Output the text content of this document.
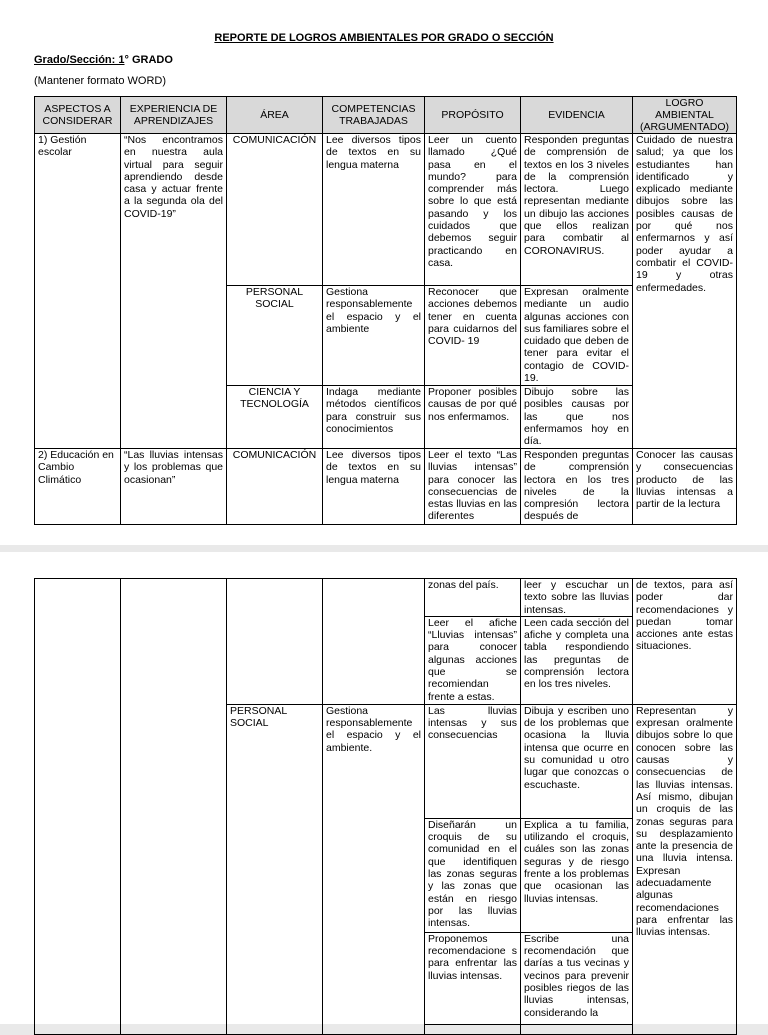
REPORTE DE LOGROS AMBIENTALES POR GRADO O SECCIÓN
Grado/Sección: 1° GRADO
(Mantener formato WORD)
ASPECTOS A CONSIDERAR	EXPERIENCIA DE APRENDIZAJES	ÁREA	COMPETENCIAS TRABAJADAS	PROPÓSITO	EVIDENCIA	LOGRO AMBIENTAL (ARGUMENTADO)
1) Gestión escolar	“Nos encontramos en nuestra aula virtual para seguir aprendiendo desde casa y actuar frente a la segunda ola del COVID-19”	COMUNICACIÓN	Lee diversos tipos de textos en su lengua materna	Leer un cuento llamado ¿Qué pasa en el mundo? para comprender más sobre lo que está pasando y los cuidados que debemos seguir practicando en casa.	Responden preguntas de comprensión de textos en los 3 niveles de la comprensión lectora. Luego representan mediante un dibujo las acciones que ellos realizan para combatir al CORONAVIRUS.	Cuidado de nuestra salud; ya que los estudiantes han identificado y explicado mediante dibujos sobre las posibles causas de por qué nos enfermarnos y así poder ayudar a combatir el COVID-19 y otras enfermedades.
		PERSONAL SOCIAL	Gestiona responsablemente el espacio y el ambiente	Reconocer que acciones debemos tener en cuenta para cuidarnos del COVID- 19	Expresan oralmente mediante un audio algunas acciones con sus familiares sobre el cuidado que deben de tener para evitar el contagio de COVID- 19.	
		CIENCIA Y TECNOLOGÍA	Indaga mediante métodos científicos para construir sus conocimientos	Proponer posibles causas de por qué nos enfermamos.	Dibujo sobre las posibles causas por las que nos enfermamos hoy en día.	
2) Educación en Cambio Climático	“Las lluvias intensas y los problemas que ocasionan”	COMUNICACIÓN	Lee diversos tipos de textos en su lengua materna	Leer el texto “Las lluvias intensas” para conocer las consecuencias de estas lluvias en las diferentes	Responden preguntas de comprensión lectora en los tres niveles de la compresión lectora después de	Conocer las causas y consecuencias producto de las lluvias intensas a partir de la lectura
				zonas del país.	leer y escuchar un texto sobre las lluvias intensas.	de textos, para así poder dar recomendaciones y puedan tomar acciones ante estas situaciones.
				Leer el afiche “Lluvias intensas” para conocer algunas acciones que se recomiendan frente a estas.	Leen cada sección del afiche y completa una tabla respondiendo las preguntas de comprensión lectora en los tres niveles.	
		PERSONAL SOCIAL	Gestiona responsablemente el espacio y el ambiente.	Las lluvias intensas y sus consecuencias	Dibuja y escriben uno de los problemas que ocasiona la lluvia intensa que ocurre en su comunidad u otro lugar que conozcas o escuchaste.	Representan y expresan oralmente dibujos sobre lo que conocen sobre las causas y consecuencias de las lluvias intensas. Así mismo, dibujan un croquis de las zonas seguras para su desplazamiento ante la presencia de una lluvia intensa. Expresan adecuadamente algunas recomendaciones para enfrentar las lluvias intensas.
				Diseñarán un croquis de su comunidad en el que identifiquen las zonas seguras y las zonas que están en riesgo por las lluvias intensas.	Explica a tu familia, utilizando el croquis, cuáles son las zonas seguras y de riesgo frente a los problemas que ocasionan las lluvias intensas.	
				Proponemos recomendacione s para enfrentar las lluvias intensas.	Escribe una recomendación que darías a tus vecinas y vecinos para prevenir posibles riegos de las lluvias intensas, considerando la	
